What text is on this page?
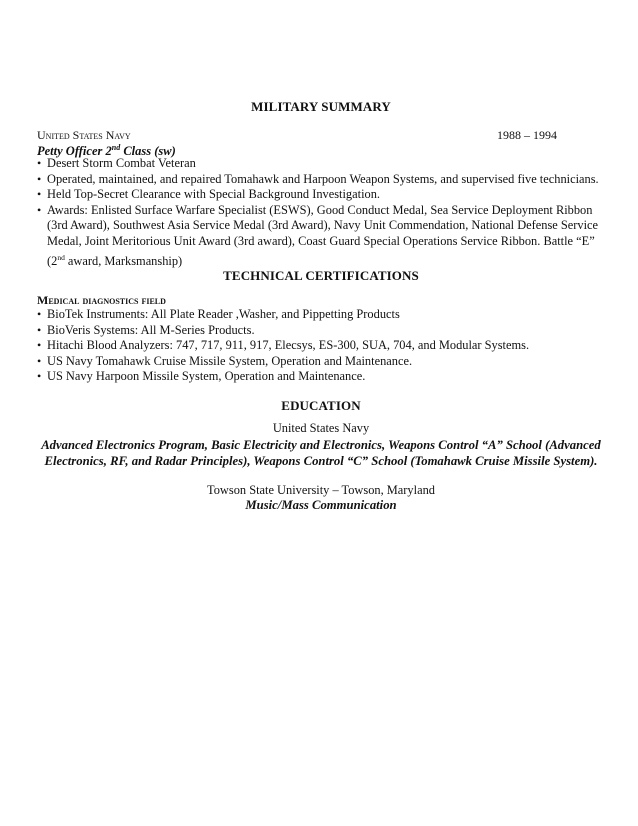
MILITARY SUMMARY

United States Navy	1988 – 1994
Petty Officer 2nd Class (sw)
• Desert Storm Combat Veteran
• Operated, maintained, and repaired Tomahawk and Harpoon Weapon Systems, and supervised five technicians.
• Held Top-Secret Clearance with Special Background Investigation.
• Awards: Enlisted Surface Warfare Specialist (ESWS), Good Conduct Medal, Sea Service Deployment Ribbon (3rd Award), Southwest Asia Service Medal (3rd Award), Navy Unit Commendation, National Defense Service Medal, Joint Meritorious Unit Award (3rd award), Coast Guard Special Operations Service Ribbon. Battle “E” (2nd award, Marksmanship)

TECHNICAL CERTIFICATIONS

Medical diagnostics field
• BioTek Instruments: All Plate Reader ,Washer, and Pippetting Products
• BioVeris Systems: All M-Series Products.
• Hitachi Blood Analyzers: 747, 717, 911, 917, Elecsys, ES-300, SUA, 704, and Modular Systems.
• US Navy Tomahawk Cruise Missile System, Operation and Maintenance.
• US Navy Harpoon Missile System, Operation and Maintenance.

EDUCATION

United States Navy
Advanced Electronics Program, Basic Electricity and Electronics, Weapons Control “A” School (Advanced Electronics, RF, and Radar Principles), Weapons Control “C” School (Tomahawk Cruise Missile System).
Towson State University – Towson, Maryland
Music/Mass Communication
